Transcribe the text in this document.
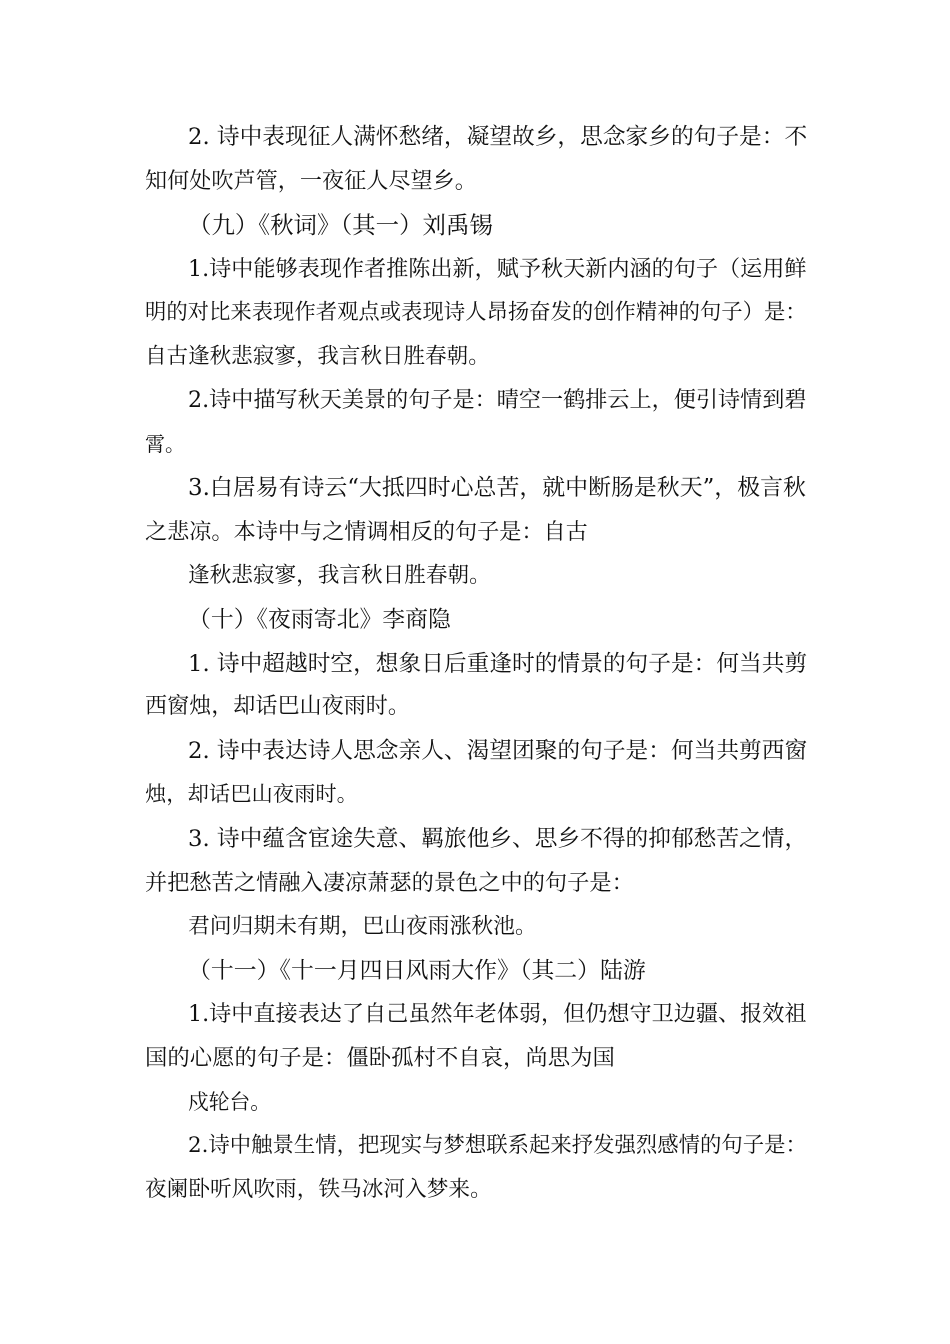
2. 诗中表现征人满怀愁绪，凝望故乡，思念家乡的句子是：不

知何处吹芦管，一夜征人尽望乡。

（九）《秋词》（其一）刘禹锡

1.诗中能够表现作者推陈出新，赋予秋天新内涵的句子（运用鲜

明的对比来表现作者观点或表现诗人昂扬奋发的创作精神的句子）是：

自古逢秋悲寂寥，我言秋日胜春朝。

2.诗中描写秋天美景的句子是：晴空一鹤排云上，便引诗情到碧

霄。

3.白居易有诗云“大抵四时心总苦，就中断肠是秋天”，极言秋

之悲凉。本诗中与之情调相反的句子是：自古

逢秋悲寂寥，我言秋日胜春朝。

（十）《夜雨寄北》李商隐

1. 诗中超越时空，想象日后重逢时的情景的句子是：何当共剪

西窗烛，却话巴山夜雨时。

2. 诗中表达诗人思念亲人、渴望团聚的句子是：何当共剪西窗

烛，却话巴山夜雨时。

3. 诗中蕴含宦途失意、羁旅他乡、思乡不得的抑郁愁苦之情，

并把愁苦之情融入凄凉萧瑟的景色之中的句子是：

君问归期未有期，巴山夜雨涨秋池。

（十一）《十一月四日风雨大作》（其二）陆游

1.诗中直接表达了自己虽然年老体弱，但仍想守卫边疆、报效祖

国的心愿的句子是：僵卧孤村不自哀，尚思为国

戍轮台。

2.诗中触景生情，把现实与梦想联系起来抒发强烈感情的句子是：

夜阑卧听风吹雨，铁马冰河入梦来。
